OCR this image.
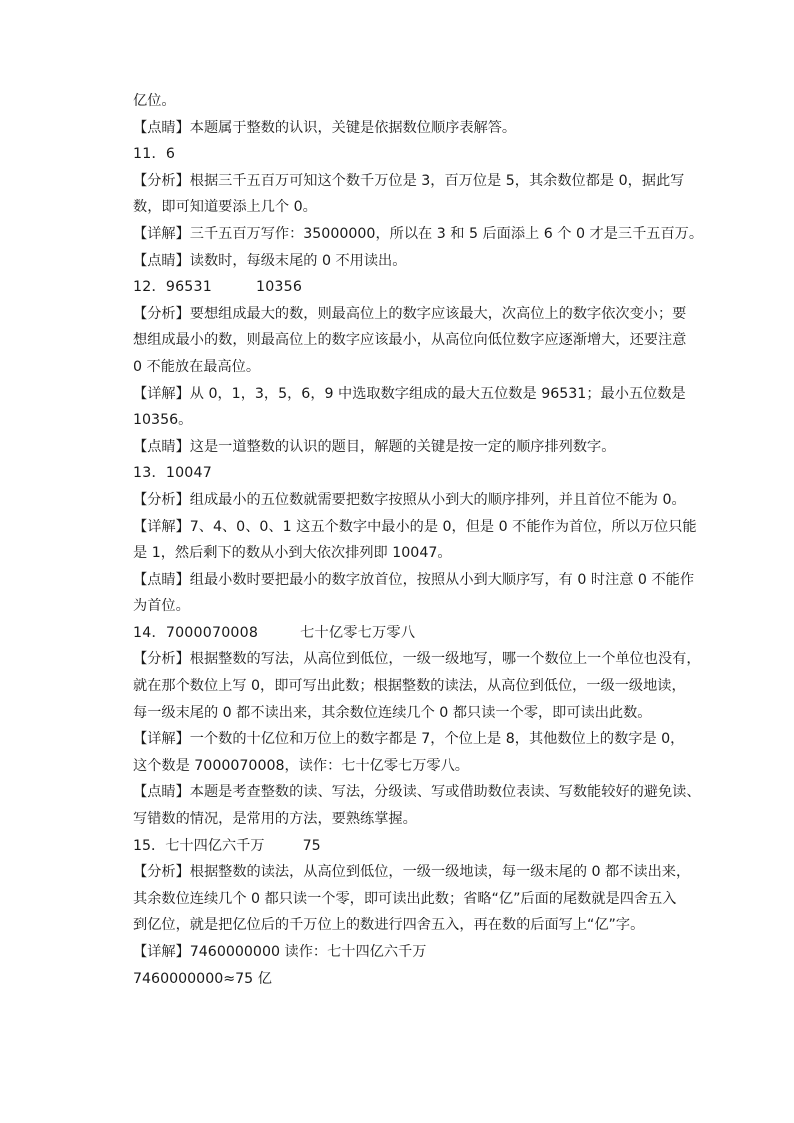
亿位。
【点睛】本题属于整数的认识，关键是依据数位顺序表解答。
11．6
【分析】根据三千五百万可知这个数千万位是 3，百万位是 5，其余数位都是 0，据此写
数，即可知道要添上几个 0。
【详解】三千五百万写作：35000000，所以在 3 和 5 后面添上 6 个 0 才是三千五百万。
【点睛】读数时，每级末尾的 0 不用读出。
12．96531	10356
【分析】要想组成最大的数，则最高位上的数字应该最大，次高位上的数字依次变小；要
想组成最小的数，则最高位上的数字应该最小，从高位向低位数字应逐渐增大，还要注意
0 不能放在最高位。
【详解】从 0，1，3，5，6，9 中选取数字组成的最大五位数是 96531；最小五位数是
10356。
【点睛】这是一道整数的认识的题目，解题的关键是按一定的顺序排列数字。
13．10047
【分析】组成最小的五位数就需要把数字按照从小到大的顺序排列，并且首位不能为 0。
【详解】7、4、0、0、1 这五个数字中最小的是 0，但是 0 不能作为首位，所以万位只能
是 1，然后剩下的数从小到大依次排列即 10047。
【点睛】组最小数时要把最小的数字放首位，按照从小到大顺序写，有 0 时注意 0 不能作
为首位。
14．7000070008	七十亿零七万零八
【分析】根据整数的写法，从高位到低位，一级一级地写，哪一个数位上一个单位也没有，
就在那个数位上写 0，即可写出此数；根据整数的读法，从高位到低位，一级一级地读，
每一级末尾的 0 都不读出来，其余数位连续几个 0 都只读一个零，即可读出此数。
【详解】一个数的十亿位和万位上的数字都是 7，个位上是 8，其他数位上的数字是 0，
这个数是 7000070008，读作：七十亿零七万零八。
【点睛】本题是考查整数的读、写法，分级读、写或借助数位表读、写数能较好的避免读、
写错数的情况，是常用的方法，要熟练掌握。
15．七十四亿六千万	75
【分析】根据整数的读法，从高位到低位，一级一级地读，每一级末尾的 0 都不读出来，
其余数位连续几个 0 都只读一个零，即可读出此数；省略“亿”后面的尾数就是四舍五入
到亿位，就是把亿位后的千万位上的数进行四舍五入，再在数的后面写上“亿”字。
【详解】7460000000 读作：七十四亿六千万
7460000000≈75 亿
